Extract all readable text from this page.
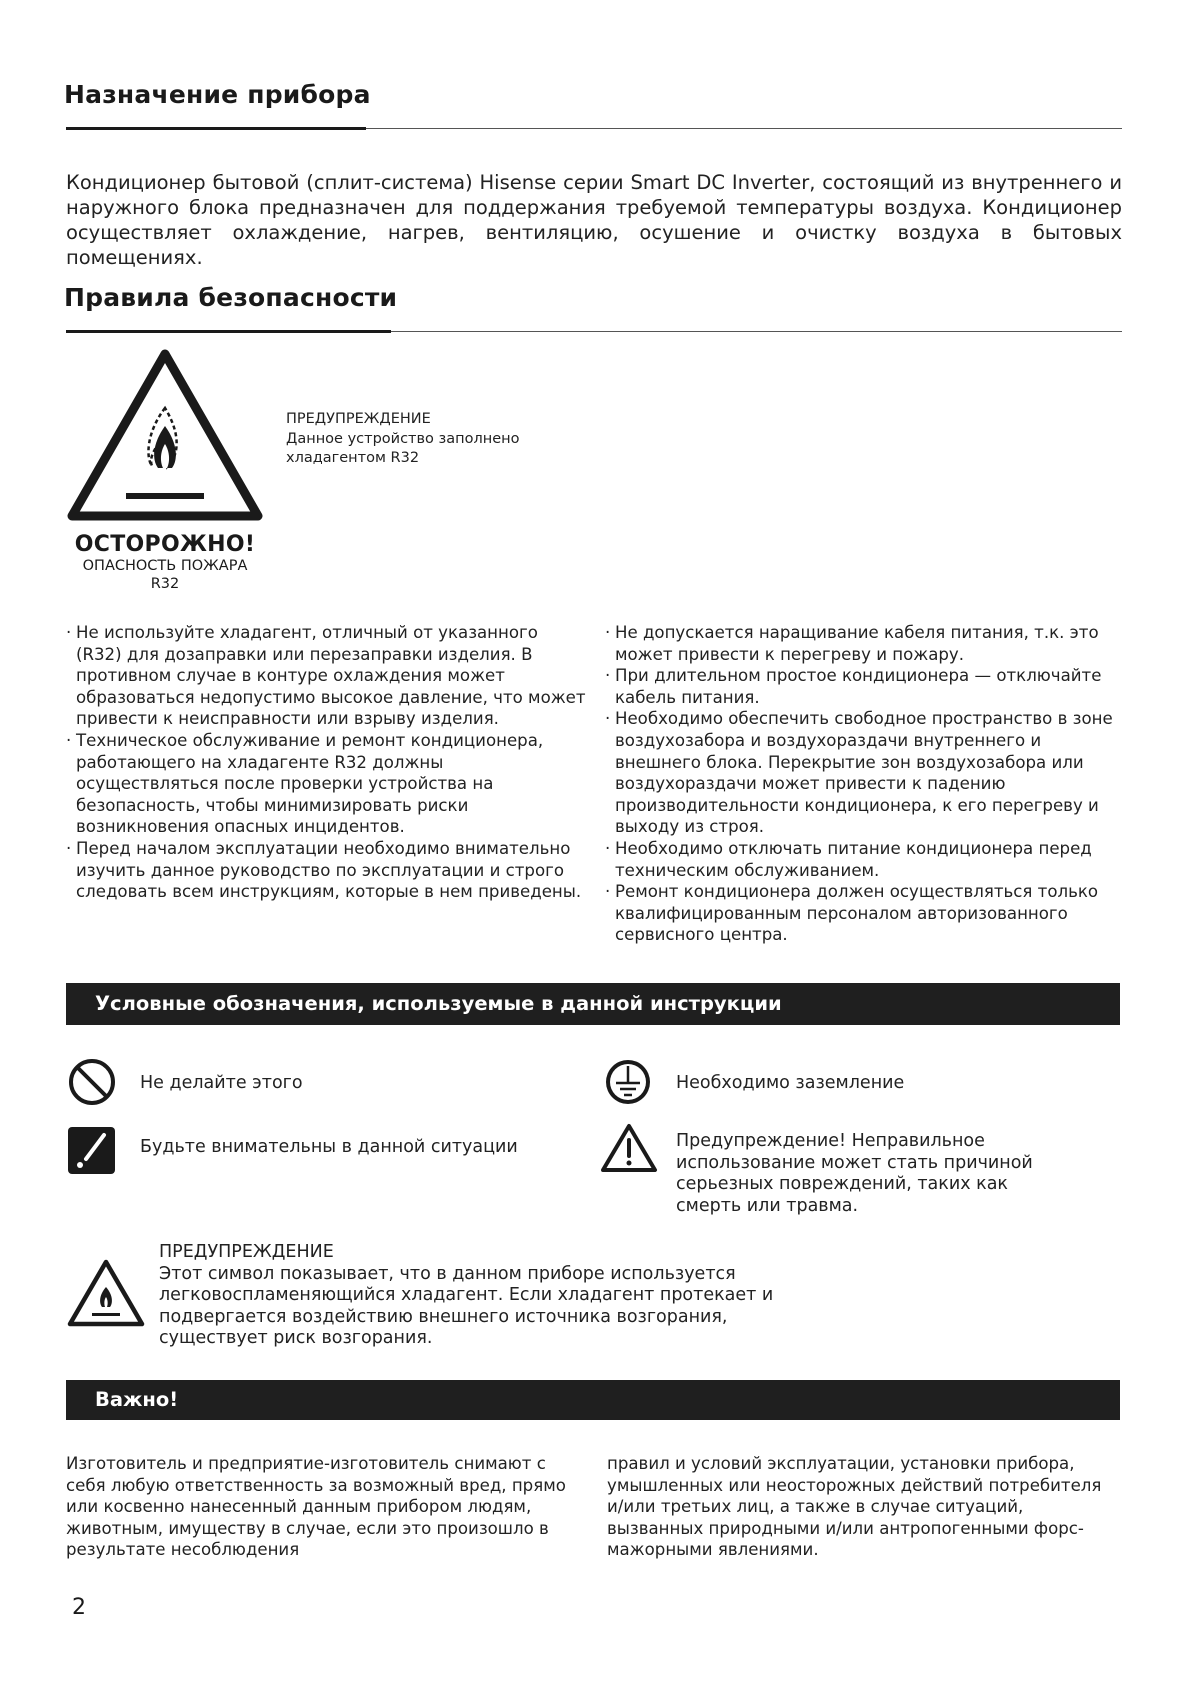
Назначение прибора
Кондиционер бытовой (сплит-система) Hisense серии Smart DC Inverter, состоящий из внутреннего и наружного блока предназначен для поддержания требуемой температуры воздуха. Кондиционер осуществляет охлаждение, нагрев, вентиляцию, осушение и очистку воздуха в бытовых помещениях.
Правила безопасности
ПРЕДУПРЕЖДЕНИЕ
Данное устройство заполнено
хладагентом R32
ОСТОРОЖНО!
ОПАСНОСТЬ ПОЖАРА
R32
· Не используйте хладагент, отличный от указанного (R32) для дозаправки или перезаправки изделия. В противном случае в контуре охлаждения может образоваться недопустимо высокое давление, что может привести к неисправности или взрыву изделия.
· Техническое обслуживание и ремонт кондиционера, работающего на хладагенте R32 должны осуществляться после проверки устройства на безопасность, чтобы минимизировать риски возникновения опасных инцидентов.
· Перед началом эксплуатации необходимо внимательно изучить данное руководство по эксплуатации и строго следовать всем инструкциям, которые в нем приведены.
· Не допускается наращивание кабеля питания, т.к. это может привести к перегреву и пожару.
· При длительном простое кондиционера — отключайте кабель питания.
· Необходимо обеспечить свободное пространство в зоне воздухозабора и воздухораздачи внутреннего и внешнего блока. Перекрытие зон воздухозабора или воздухораздачи может привести к падению производительности кондиционера, к его перегреву и выходу из строя.
· Необходимо отключать питание кондиционера перед техническим обслуживанием.
· Ремонт кондиционера должен осуществляться только квалифицированным персоналом авторизованного сервисного центра.
Условные обозначения, используемые в данной инструкции
Не делайте этого	Необходимо заземление
Будьте внимательны в данной ситуации	Предупреждение! Неправильное использование может стать причиной серьезных повреждений, таких как смерть или травма.
ПРЕДУПРЕЖДЕНИЕ
Этот символ показывает, что в данном приборе используется легковоспламеняющийся хладагент. Если хладагент протекает и подвергается воздействию внешнего источника возгорания, существует риск возгорания.
Важно!
Изготовитель и предприятие-изготовитель снимают с себя любую ответственность за возможный вред, прямо или косвенно нанесенный данным прибором людям, животным, имуществу в случае, если это произошло в результате несоблюдения
правил и условий эксплуатации, установки прибора, умышленных или неосторожных действий потребителя и/или третьих лиц, а также в случае ситуаций, вызванных природными и/или антропогенными форс-мажорными явлениями.
2
